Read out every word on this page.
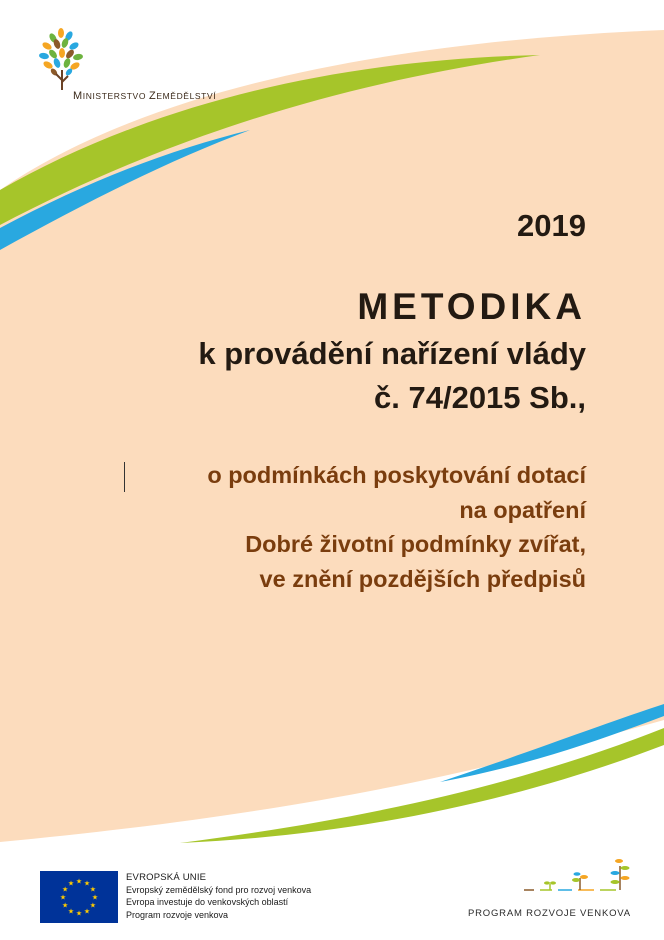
MINISTERSTVO ZEMĚDĚLSTVÍ
2019
METODIKA
k provádění nařízení vlády
č. 74/2015 Sb.,
o podmínkách poskytování dotací
na opatření
Dobré životní podmínky zvířat,
ve znění pozdějších předpisů
★
★
★
★
★
★
★
★
★ ★ ★
★
EVROPSKÁ UNIE
Evropský zemědělský fond pro rozvoj venkova
Evropa investuje do venkovských oblastí
Program rozvoje venkova	PROGRAM ROZVOJE VENKOVA
